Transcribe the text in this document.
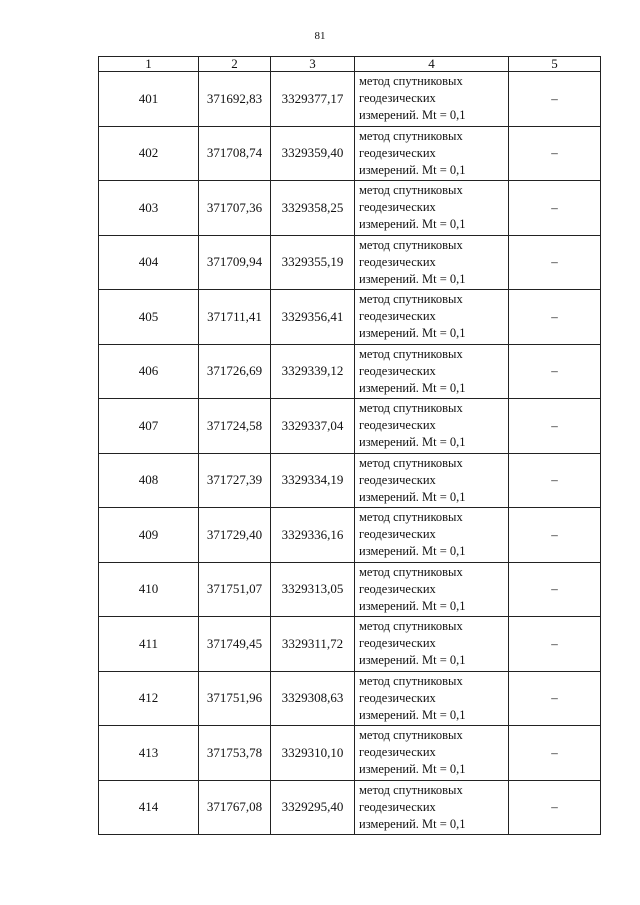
81
1	2	3	4	5
401	371692,83	3329377,17	метод спутниковых
геодезических
измерений. Mt = 0,1	–
402	371708,74	3329359,40	метод спутниковых
геодезических
измерений. Mt = 0,1	–
403	371707,36	3329358,25	метод спутниковых
геодезических
измерений. Mt = 0,1	–
404	371709,94	3329355,19	метод спутниковых
геодезических
измерений. Mt = 0,1	–
405	371711,41	3329356,41	метод спутниковых
геодезических
измерений. Mt = 0,1	–
406	371726,69	3329339,12	метод спутниковых
геодезических
измерений. Mt = 0,1	–
407	371724,58	3329337,04	метод спутниковых
геодезических
измерений. Mt = 0,1	–
408	371727,39	3329334,19	метод спутниковых
геодезических
измерений. Mt = 0,1	–
409	371729,40	3329336,16	метод спутниковых
геодезических
измерений. Mt = 0,1	–
410	371751,07	3329313,05	метод спутниковых
геодезических
измерений. Mt = 0,1	–
411	371749,45	3329311,72	метод спутниковых
геодезических
измерений. Mt = 0,1	–
412	371751,96	3329308,63	метод спутниковых
геодезических
измерений. Mt = 0,1	–
413	371753,78	3329310,10	метод спутниковых
геодезических
измерений. Mt = 0,1	–
414	371767,08	3329295,40	метод спутниковых
геодезических
измерений. Mt = 0,1	–
